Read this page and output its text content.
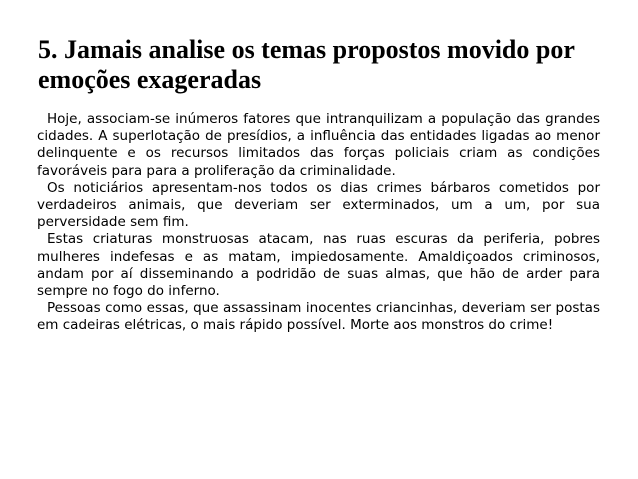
5. Jamais analise os temas propostos movido por emoções exageradas

Hoje, associam-se inúmeros fatores que intranquilizam a população das grandes cidades. A superlotação de presídios, a influência das entidades ligadas ao menor delinquente e os recursos limitados das forças policiais criam as condições favoráveis para para a proliferação da criminalidade.

Os noticiários apresentam-nos todos os dias crimes bárbaros cometidos por verdadeiros animais, que deveriam ser exterminados, um a um, por sua perversidade sem fim.

Estas criaturas monstruosas atacam, nas ruas escuras da periferia, pobres mulheres indefesas e as matam, impiedosamente. Amaldiçoados criminosos, andam por aí disseminando a podridão de suas almas, que hão de arder para sempre no fogo do inferno.

Pessoas como essas, que assassinam inocentes criancinhas, deveriam ser postas em cadeiras elétricas, o mais rápido possível. Morte aos monstros do crime!
